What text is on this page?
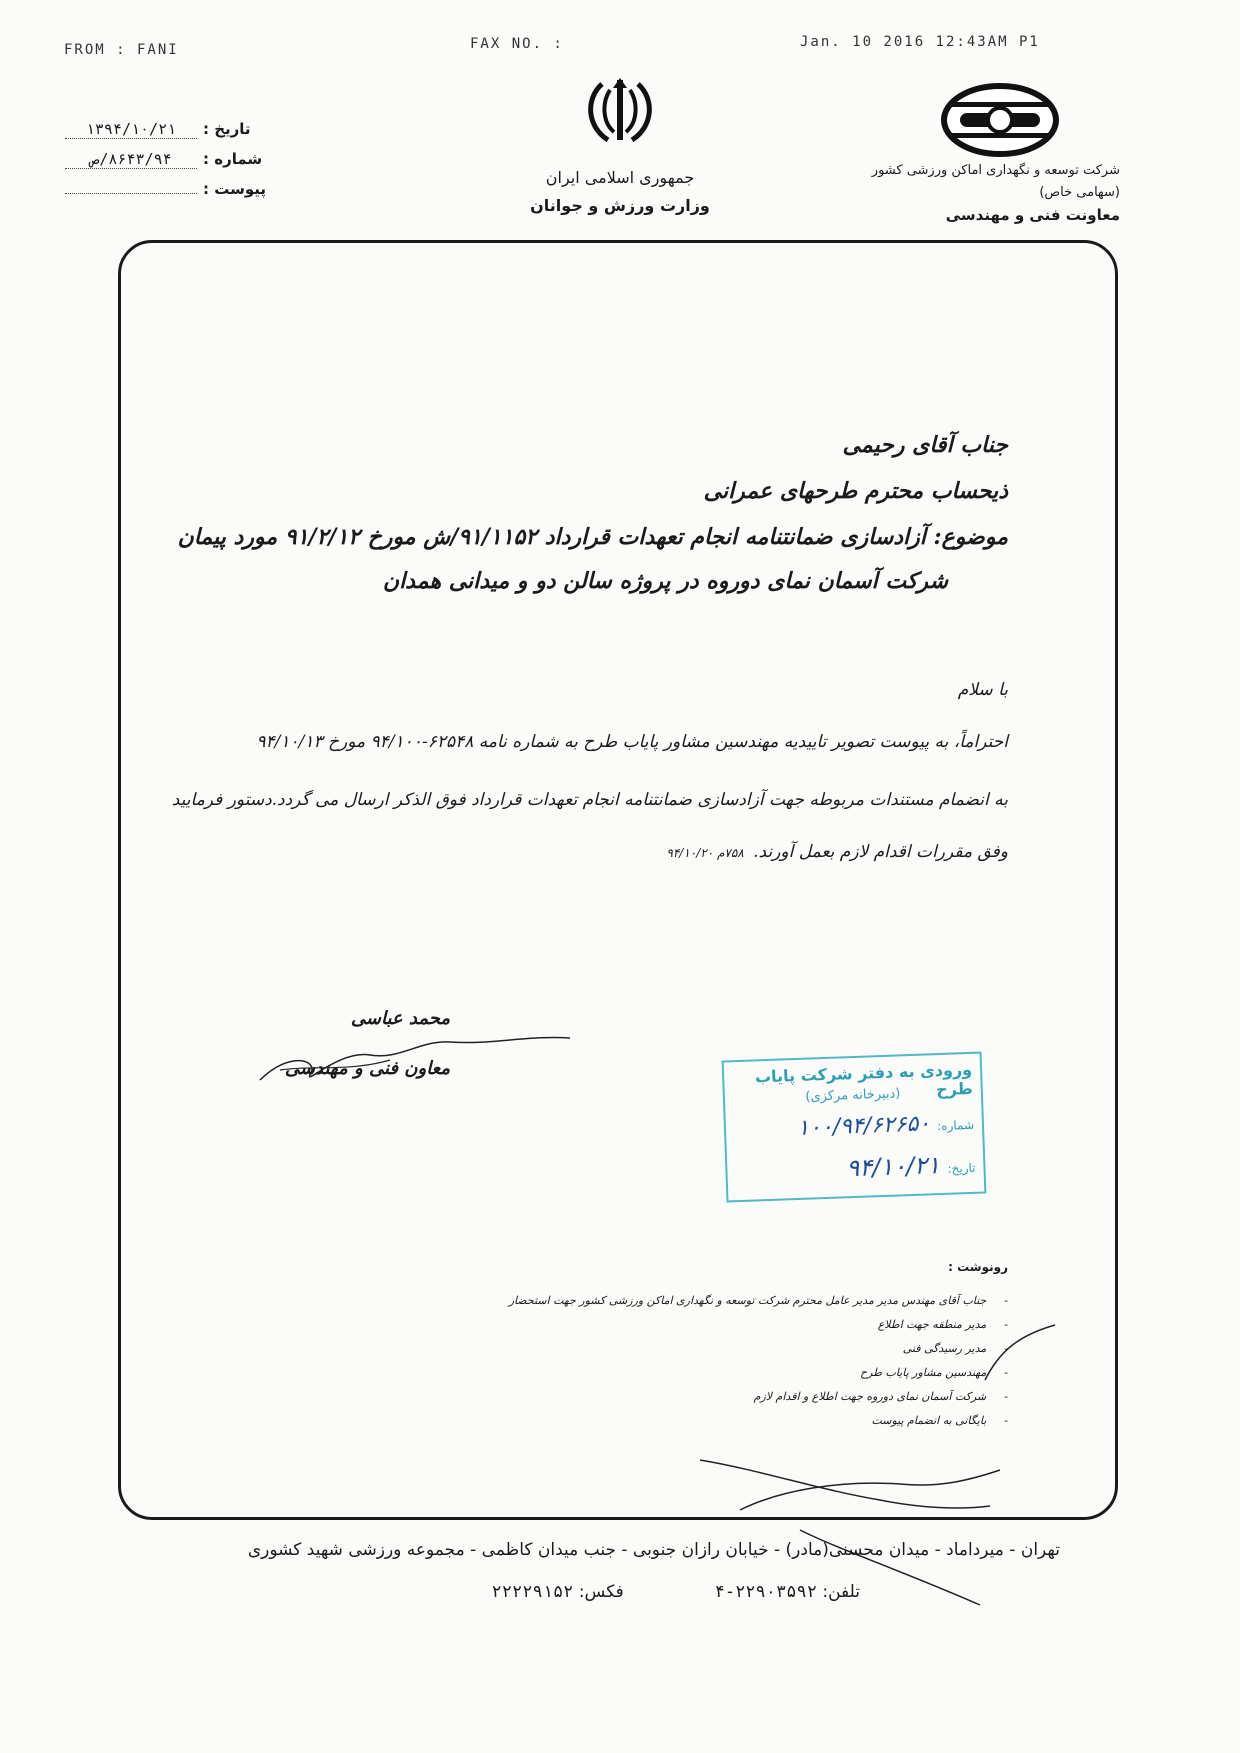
FROM : FANI	FAX NO. :	Jan. 10 2016 12:43AM P1
تاریخ :
۱۳۹۴/۱۰/۲۱
شماره :
۸۶۴۳/۹۴/ص
پیوست :
جمهوری اسلامی ایران
وزارت ورزش و جوانان
شرکت توسعه و نگهداری اماکن ورزشی کشور
(سهامی خاص)
معاونت فنی و مهندسی
جناب آقای رحیمی
ذیحساب محترم طرحهای عمرانی
موضوع: آزادسازی ضمانتنامه انجام تعهدات قرارداد ۹۱/۱۱۵۲/ش مورخ ۹۱/۲/۱۲ مورد پیمان
شرکت آسمان نمای دوروه در پروژه سالن دو و میدانی همدان
با سلام
احتراماً، به پیوست تصویر تاییدیه مهندسین مشاور پایاب طرح به شماره نامه ۶۲۵۴۸-۹۴/۱۰۰ مورخ ۹۴/۱۰/۱۳
به انضمام مستندات مربوطه جهت آزادسازی ضمانتنامه انجام تعهدات قرارداد فوق الذکر ارسال می گردد.دستور فرمایید
وفق مقررات اقدام لازم بعمل آورند. ۷۵۸م ۹۴/۱۰/۲۰
محمد عباسی
معاون فنی و مهندسی	ورودی به دفتر شرکت پایاب طرح
(دبیرخانه مرکزی)
شماره: ۱۰۰/۹۴/۶۲۶۵۰
تاریخ: ۹۴/۱۰/۲۱
رونوشت :
-جناب آقای مهندس مدیر مدیر عامل محترم شرکت توسعه و نگهداری اماکن ورزشی کشور جهت استحضار
-مدیر منطقه جهت اطلاع
-مدیر رسیدگی فنی
-مهندسین مشاور پایاب طرح
-شرکت آسمان نمای دوروه جهت اطلاع و اقدام لازم
-بایگانی به انضمام پیوست
تهران - میرداماد - میدان محسنی(مادر) - خیابان رازان جنوبی - جنب میدان کاظمی - مجموعه ورزشی شهید کشوری
تلفن: ۲۲۹۰۳۵۹۲-۴  فکس: ۲۲۲۲۹۱۵۲
